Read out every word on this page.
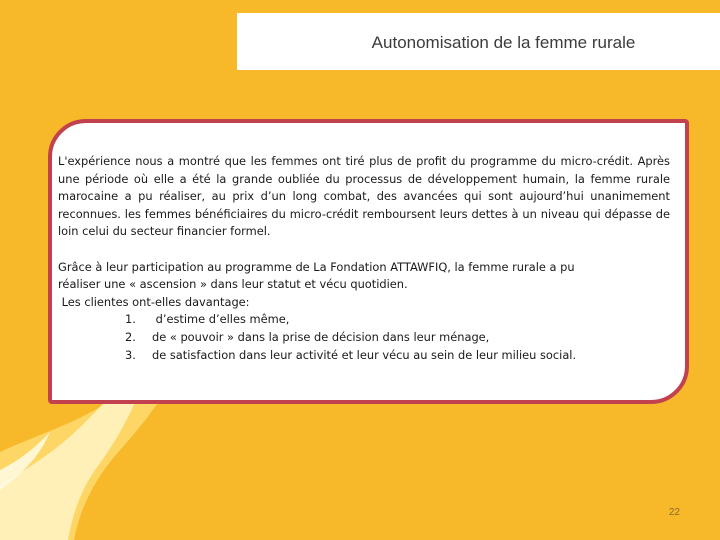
Autonomisation de la femme rurale

L'expérience nous a montré que les femmes ont tiré plus de profit du programme du micro-crédit. Après une période où elle a été la grande oubliée du processus de développement humain, la femme rurale marocaine a pu réaliser, au prix d’un long combat, des avancées qui sont aujourd’hui unanimement reconnues. les femmes bénéficiaires du micro-crédit remboursent leurs dettes à un niveau qui dépasse de loin celui du secteur financier formel.

Grâce à leur participation au programme de La Fondation ATTAWFIQ, la femme rurale a pu
réaliser une « ascension » dans leur statut et vécu quotidien.
Les clientes ont-elles davantage:
1. d’estime d’elles même,
2. de « pouvoir » dans la prise de décision dans leur ménage,
3. de satisfaction dans leur activité et leur vécu au sein de leur milieu social.
22
